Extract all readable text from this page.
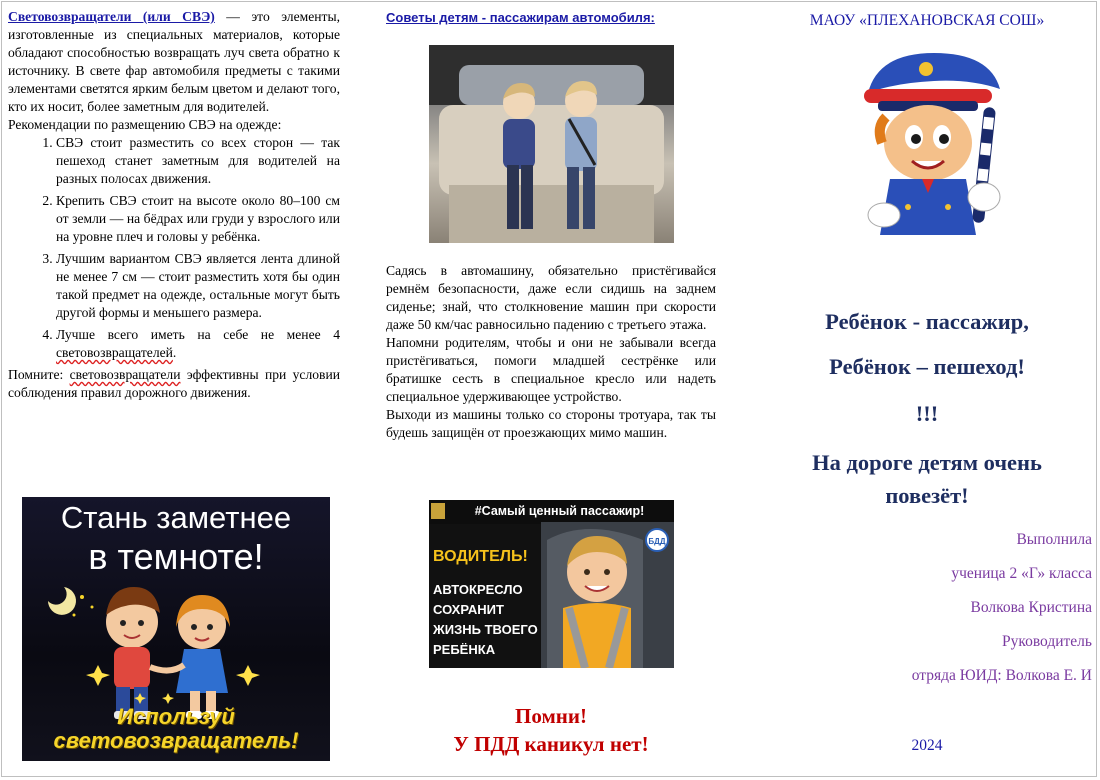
Световозвращатели (или СВЭ) — это элементы, изготовленные из специальных материалов, которые обладают способностью возвращать луч света обратно к источнику. В свете фар автомобиля предметы с такими элементами светятся ярким белым цветом и делают того, кто их носит, более заметным для водителей.

Рекомендации по размещению СВЭ на одежде:

1. СВЭ стоит разместить со всех сторон — так пешеход станет заметным для водителей на разных полосах движения.
2. Крепить СВЭ стоит на высоте около 80–100 см от земли — на бёдрах или груди у взрослого или на уровне плеч и головы у ребёнка.
3. Лучшим вариантом СВЭ является лента длиной не менее 7 см — стоит разместить хотя бы один такой предмет на одежде, остальные могут быть другой формы и меньшего размера.
4. Лучше всего иметь на себе не менее 4 световозвращателей.

Помните: световозвращатели эффективны при условии соблюдения правил дорожного движения.

Стань заметнее
в темноте!
Используй
световозвращатель!

Советы детям - пассажирам автомобиля:

Садясь в автомашину, обязательно пристёгивайся ремнём безопасности, даже если сидишь на заднем сиденье; знай, что столкновение машин при скорости даже 50 км/час равносильно падению с третьего этажа.

Напомни родителям, чтобы и они не забывали всегда пристёгиваться, помоги младшей сестрёнке или братишке сесть в специальное кресло или надеть специальное удерживающее устройство.

Выходи из машины только со стороны тротуара, так ты будешь защищён от проезжающих мимо машин.

БДД
#Самый ценный пассажир!
ВОДИТЕЛЬ!
АВТОКРЕСЛО
СОХРАНИТ
ЖИЗНЬ ТВОЕГО
РЕБЁНКА
Помни!
У ПДД каникул нет!
МАОУ «ПЛЕХАНОВСКАЯ СОШ»
Ребёнок - пассажир,
Ребёнок – пешеход!
!!!
На дороге детям очень
повезёт!
Выполнила
ученица 2 «Г» класса
Волкова Кристина
Руководитель
отряда ЮИД: Волкова Е. И
2024
